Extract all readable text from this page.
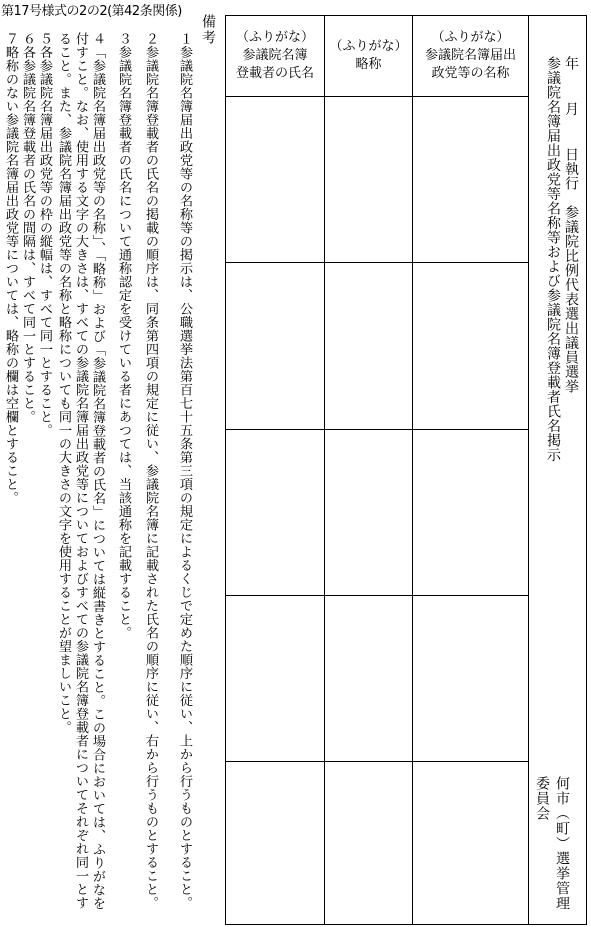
第17号様式の2の2(第42条関係)
備考
１参議院名簿届出政党等の名称等の掲示は、公職選挙法第百七十五条第三項の規定によるくじで定めた順序に従い、上から行うものとすること。
２参議院名簿登載者の氏名の掲載の順序は、同条第四項の規定に従い、参議院名簿に記載された氏名の順序に従い、右から行うものとすること。
３参議院名簿登載者の氏名について通称認定を受けている者にあつては、当該通称を記載すること。
４「参議院名簿届出政党等の名称」、「略称」および「参議院名簿登載者の氏名」については縦書きとすること。この場合においては、ふりがなを付すこと。なお、使用する文字の大きさは、すべての参議院名簿届出政党等についておよびすべての参議院名簿登載者についてそれぞれ同一とすること。また、参議院名簿届出政党等の名称と略称についても同一の大きさの文字を使用することが望ましいこと。
５各参議院名簿届出政党等の枠の縦幅は、すべて同一とすること。
６各参議院名簿登載者の氏名の間隔は、すべて同一とすること。
７略称のない参議院名簿届出政党等については、略称の欄は空欄とすること。
（ふりがな）
参議院名簿
登載者の氏名
（ふりがな）
略称
（ふりがな）
参議院名簿届出
政党等の名称	年　 月　 日執行　参議院比例代表選出議員選挙
参議院名簿届出政党等名称等および参議院名簿登載者氏名掲示
何市（町）選挙管理委員会
